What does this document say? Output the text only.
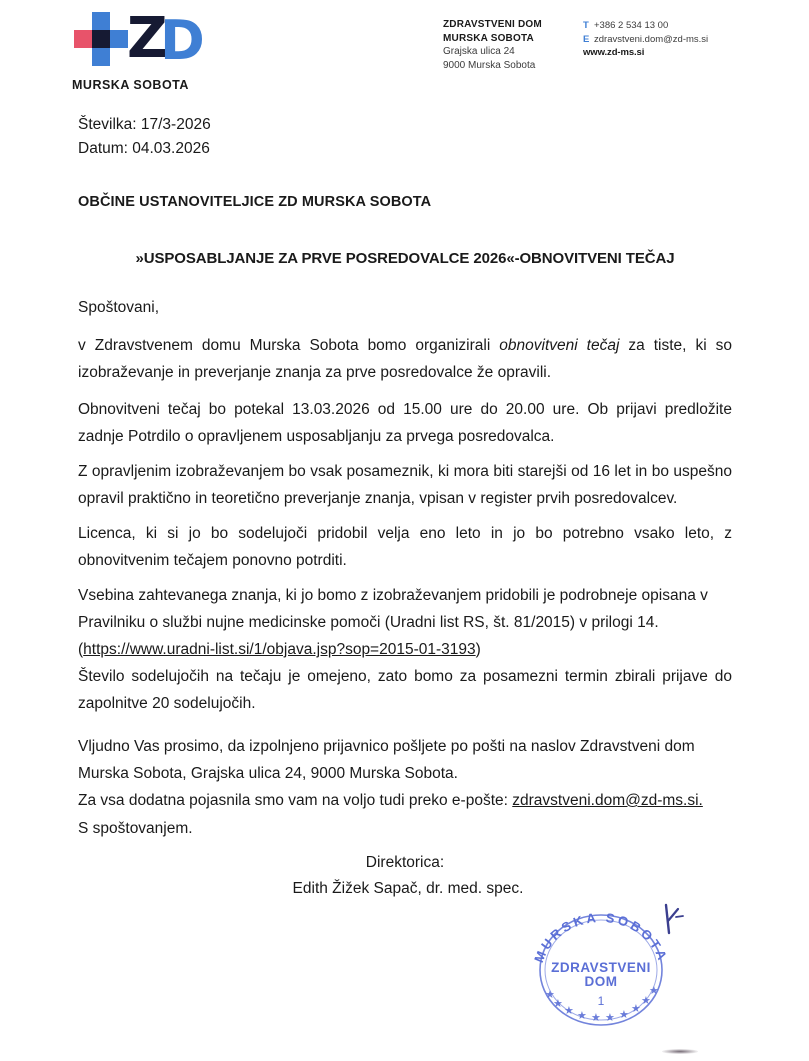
Z
D
MURSKA SOBOTA
ZDRAVSTVENI DOM
MURSKA SOBOTA
Grajska ulica 24
9000 Murska Sobota
T +386 2 534 13 00
E zdravstveni.dom@zd-ms.si
www.zd-ms.si
Številka: 17/3-2026
Datum: 04.03.2026
OBČINE USTANOVITELJICE ZD MURSKA SOBOTA
»USPOSABLJANJE ZA PRVE POSREDOVALCE 2026«-OBNOVITVENI TEČAJ
Spoštovani,
v Zdravstvenem domu Murska Sobota bomo organizirali obnovitveni tečaj za tiste, ki so izobraževanje in preverjanje znanja za prve posredovalce že opravili.
Obnovitveni tečaj bo potekal 13.03.2026 od 15.00 ure do 20.00 ure. Ob prijavi predložite zadnje Potrdilo o opravljenem usposabljanju za prvega posredovalca.
Z opravljenim izobraževanjem bo vsak posameznik, ki mora biti starejši od 16 let in bo uspešno opravil praktično in teoretično preverjanje znanja, vpisan v register prvih posredovalcev.
Licenca, ki si jo bo sodelujoči pridobil velja eno leto in jo bo potrebno vsako leto, z obnovitvenim tečajem ponovno potrditi.
Vsebina zahtevanega znanja, ki jo bomo z izobraževanjem pridobili je podrobneje opisana v Pravilniku o službi nujne medicinske pomoči (Uradni list RS, št. 81/2015) v prilogi 14.
(https://www.uradni-list.si/1/objava.jsp?sop=2015-01-3193)
Število sodelujočih na tečaju je omejeno, zato bomo za posamezni termin zbirali prijave do zapolnitve 20 sodelujočih.
Vljudno Vas prosimo, da izpolnjeno prijavnico pošljete po pošti na naslov Zdravstveni dom Murska Sobota, Grajska ulica 24, 9000 Murska Sobota.
Za vsa dodatna pojasnila smo vam na voljo tudi preko e-pošte: zdravstveni.dom@zd-ms.si.
S spoštovanjem.
Direktorica:
Edith Žižek Sapač, dr. med. spec.
MURSKA SOBOTA
ZDRAVSTVENI
DOM
1
★
★
★ ★ ★ ★ ★ ★
★
★
